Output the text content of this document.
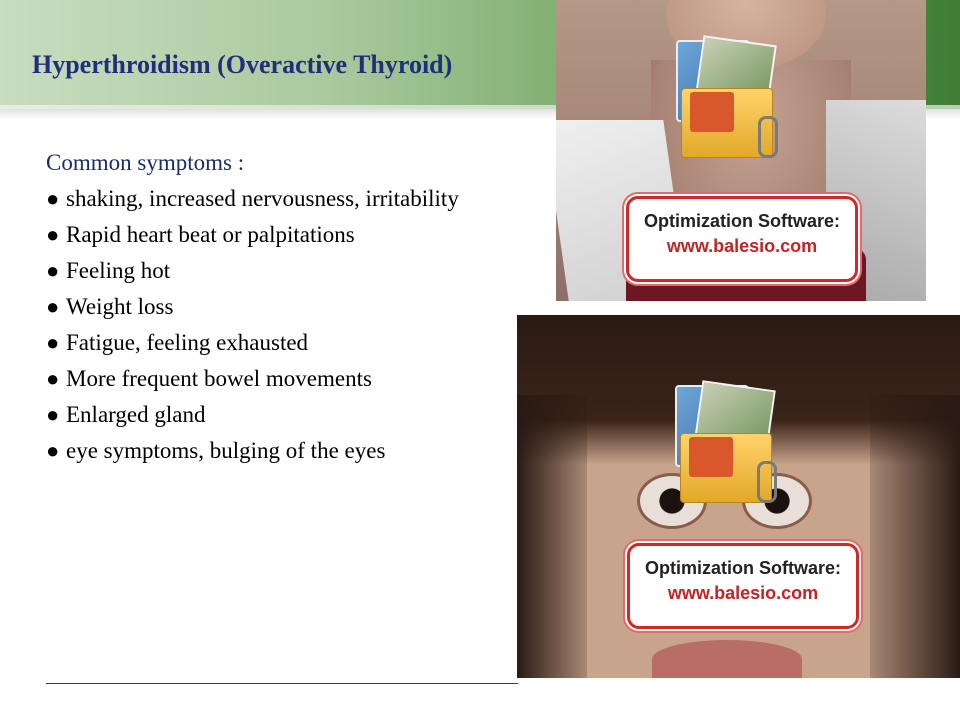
Hyperthroidism (Overactive Thyroid)
Common symptoms :
● shaking, increased nervousness, irritability
● Rapid heart beat or palpitations
● Feeling hot
● Weight loss
● Fatigue, feeling exhausted
● More frequent bowel movements
● Enlarged gland
● eye symptoms, bulging of the eyes
Optimization Software:
www.balesio.com
Optimization Software:
www.balesio.com
